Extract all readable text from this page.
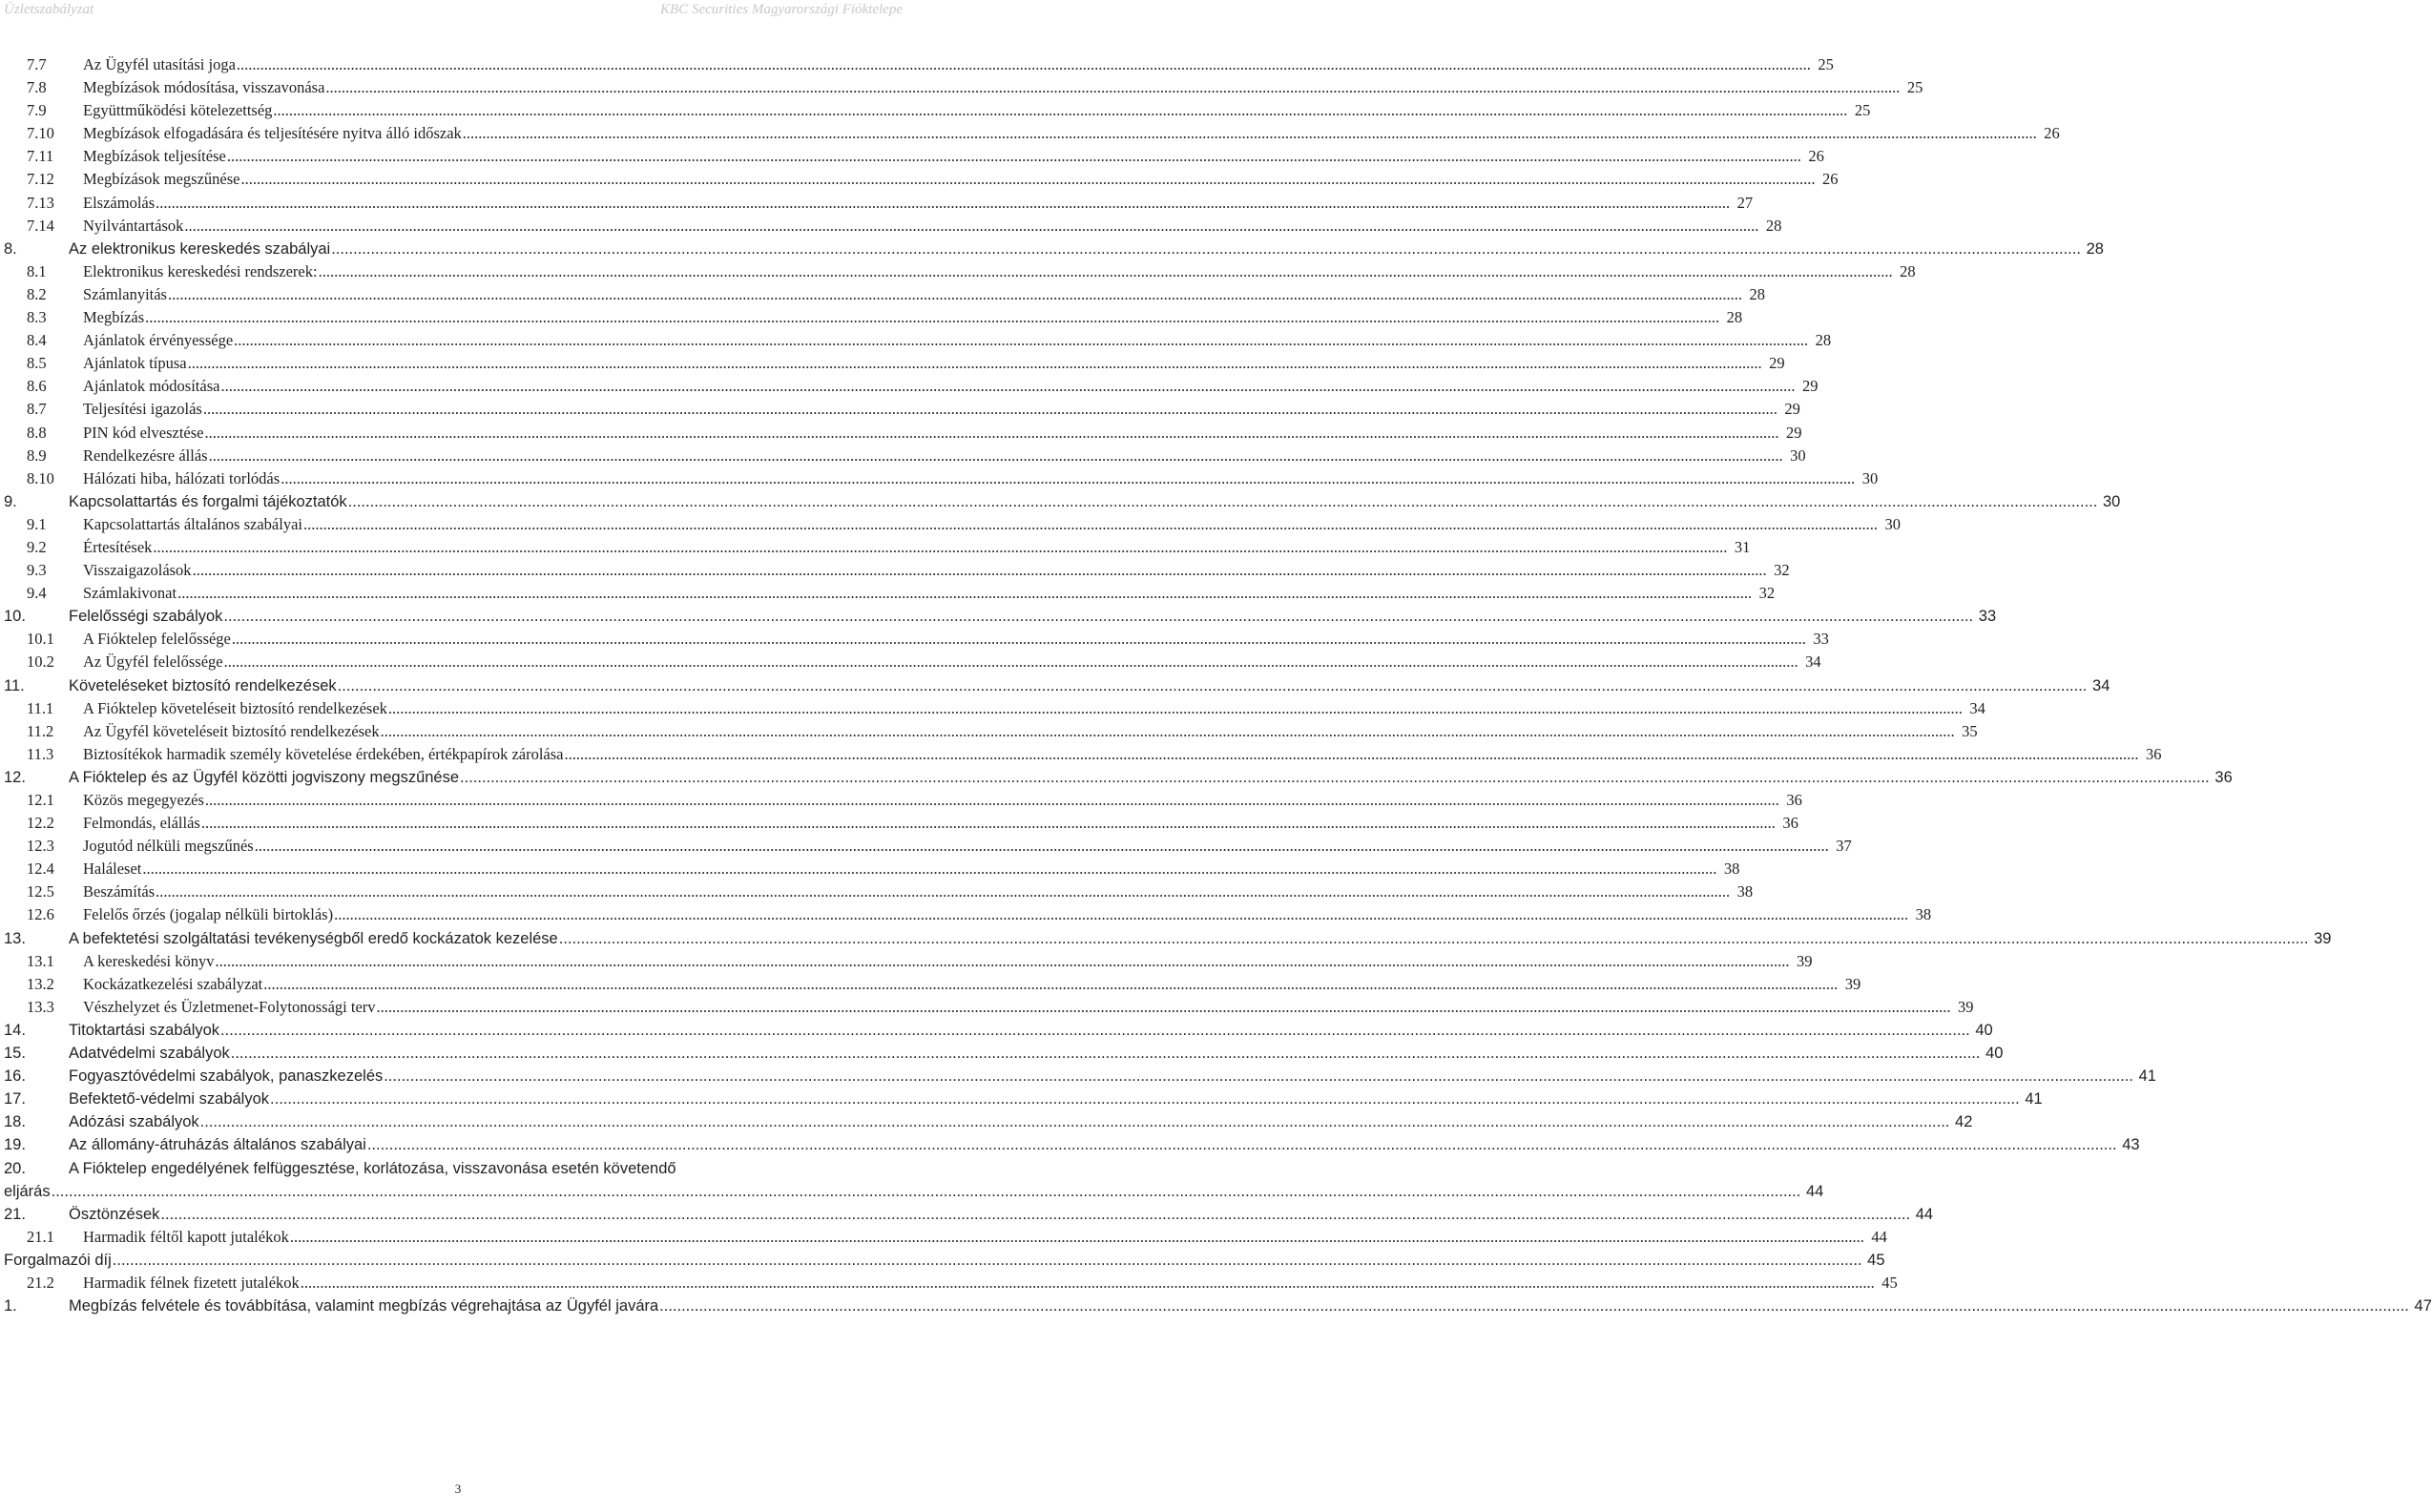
Üzletszabályzat	KBC Securities Magyarországi Fióktelepe
7.7 Az Ügyfél utasítási joga ................................................................................................................................................................................................................................................................................................................................................................................................................ 25
7.8 Megbízások módosítása, visszavonása ................................................................................................................................................................................................................................................................................................................................................................................................................ 25
7.9 Együttműködési kötelezettség ................................................................................................................................................................................................................................................................................................................................................................................................................ 25
7.10 Megbízások elfogadására és teljesítésére nyitva álló időszak ................................................................................................................................................................................................................................................................................................................................................................................................................ 26
7.11 Megbízások teljesítése ................................................................................................................................................................................................................................................................................................................................................................................................................ 26
7.12 Megbízások megszűnése ................................................................................................................................................................................................................................................................................................................................................................................................................ 26
7.13 Elszámolás ................................................................................................................................................................................................................................................................................................................................................................................................................ 27
7.14 Nyilvántartások ................................................................................................................................................................................................................................................................................................................................................................................................................ 28
8.	Az elektronikus kereskedés szabályai ................................................................................................................................................................................................................................................................................................................................................................................................................ 28
8.1 Elektronikus kereskedési rendszerek: ................................................................................................................................................................................................................................................................................................................................................................................................................ 28
8.2 Számlanyitás ................................................................................................................................................................................................................................................................................................................................................................................................................ 28
8.3 Megbízás ................................................................................................................................................................................................................................................................................................................................................................................................................ 28
8.4 Ajánlatok érvényessége ................................................................................................................................................................................................................................................................................................................................................................................................................ 28
8.5 Ajánlatok típusa ................................................................................................................................................................................................................................................................................................................................................................................................................ 29
8.6 Ajánlatok módosítása ................................................................................................................................................................................................................................................................................................................................................................................................................ 29
8.7 Teljesítési igazolás ................................................................................................................................................................................................................................................................................................................................................................................................................ 29
8.8 PIN kód elvesztése ................................................................................................................................................................................................................................................................................................................................................................................................................ 29
8.9 Rendelkezésre állás ................................................................................................................................................................................................................................................................................................................................................................................................................ 30
8.10 Hálózati hiba, hálózati torlódás ................................................................................................................................................................................................................................................................................................................................................................................................................ 30
9.	Kapcsolattartás és forgalmi tájékoztatók ................................................................................................................................................................................................................................................................................................................................................................................................................ 30
9.1 Kapcsolattartás általános szabályai ................................................................................................................................................................................................................................................................................................................................................................................................................ 30
9.2 Értesítések ................................................................................................................................................................................................................................................................................................................................................................................................................ 31
9.3 Visszaigazolások ................................................................................................................................................................................................................................................................................................................................................................................................................ 32
9.4 Számlakivonat ................................................................................................................................................................................................................................................................................................................................................................................................................ 32
10.	Felelősségi szabályok ................................................................................................................................................................................................................................................................................................................................................................................................................ 33
10.1 A Fióktelep felelőssége ................................................................................................................................................................................................................................................................................................................................................................................................................ 33
10.2 Az Ügyfél felelőssége ................................................................................................................................................................................................................................................................................................................................................................................................................ 34
11.	Követeléseket biztosító rendelkezések ................................................................................................................................................................................................................................................................................................................................................................................................................ 34
11.1 A Fióktelep követeléseit biztosító rendelkezések ................................................................................................................................................................................................................................................................................................................................................................................................................ 34
11.2 Az Ügyfél követeléseit biztosító rendelkezések ................................................................................................................................................................................................................................................................................................................................................................................................................ 35
11.3 Biztosítékok harmadik személy követelése érdekében, értékpapírok zárolása ................................................................................................................................................................................................................................................................................................................................................................................................................ 36
12.	A Fióktelep és az Ügyfél közötti jogviszony megszűnése ................................................................................................................................................................................................................................................................................................................................................................................................................ 36
12.1 Közös megegyezés ................................................................................................................................................................................................................................................................................................................................................................................................................ 36
12.2 Felmondás, elállás ................................................................................................................................................................................................................................................................................................................................................................................................................ 36
12.3 Jogutód nélküli megszűnés ................................................................................................................................................................................................................................................................................................................................................................................................................ 37
12.4 Haláleset ................................................................................................................................................................................................................................................................................................................................................................................................................ 38
12.5 Beszámítás ................................................................................................................................................................................................................................................................................................................................................................................................................ 38
12.6 Felelős őrzés (jogalap nélküli birtoklás) ................................................................................................................................................................................................................................................................................................................................................................................................................ 38
13.	A befektetési szolgáltatási tevékenységből eredő kockázatok kezelése ................................................................................................................................................................................................................................................................................................................................................................................................................ 39
13.1 A kereskedési könyv ................................................................................................................................................................................................................................................................................................................................................................................................................ 39
13.2 Kockázatkezelési szabályzat ................................................................................................................................................................................................................................................................................................................................................................................................................ 39
13.3 Vészhelyzet és Üzletmenet-Folytonossági terv ................................................................................................................................................................................................................................................................................................................................................................................................................ 39
14.	Titoktartási szabályok ................................................................................................................................................................................................................................................................................................................................................................................................................ 40
15.	Adatvédelmi szabályok ................................................................................................................................................................................................................................................................................................................................................................................................................ 40
16.	Fogyasztóvédelmi szabályok, panaszkezelés ................................................................................................................................................................................................................................................................................................................................................................................................................ 41
17.	Befektető-védelmi szabályok ................................................................................................................................................................................................................................................................................................................................................................................................................ 41
18.	Adózási szabályok ................................................................................................................................................................................................................................................................................................................................................................................................................ 42
19.	Az állomány-átruházás általános szabályai ................................................................................................................................................................................................................................................................................................................................................................................................................ 43
20.	A Fióktelep engedélyének felfüggesztése, korlátozása, visszavonása esetén követendő
eljárás ................................................................................................................................................................................................................................................................................................................................................................................................................ 44
21.	Ösztönzések ................................................................................................................................................................................................................................................................................................................................................................................................................ 44
21.1 Harmadik féltől kapott jutalékok ................................................................................................................................................................................................................................................................................................................................................................................................................ 44
Forgalmazói díj ................................................................................................................................................................................................................................................................................................................................................................................................................ 45
21.2 Harmadik félnek fizetett jutalékok ................................................................................................................................................................................................................................................................................................................................................................................................................ 45
1.	Megbízás felvétele és továbbítása, valamint megbízás végrehajtása az Ügyfél javára ................................................................................................................................................................................................................................................................................................................................................................................................................ 47
3
